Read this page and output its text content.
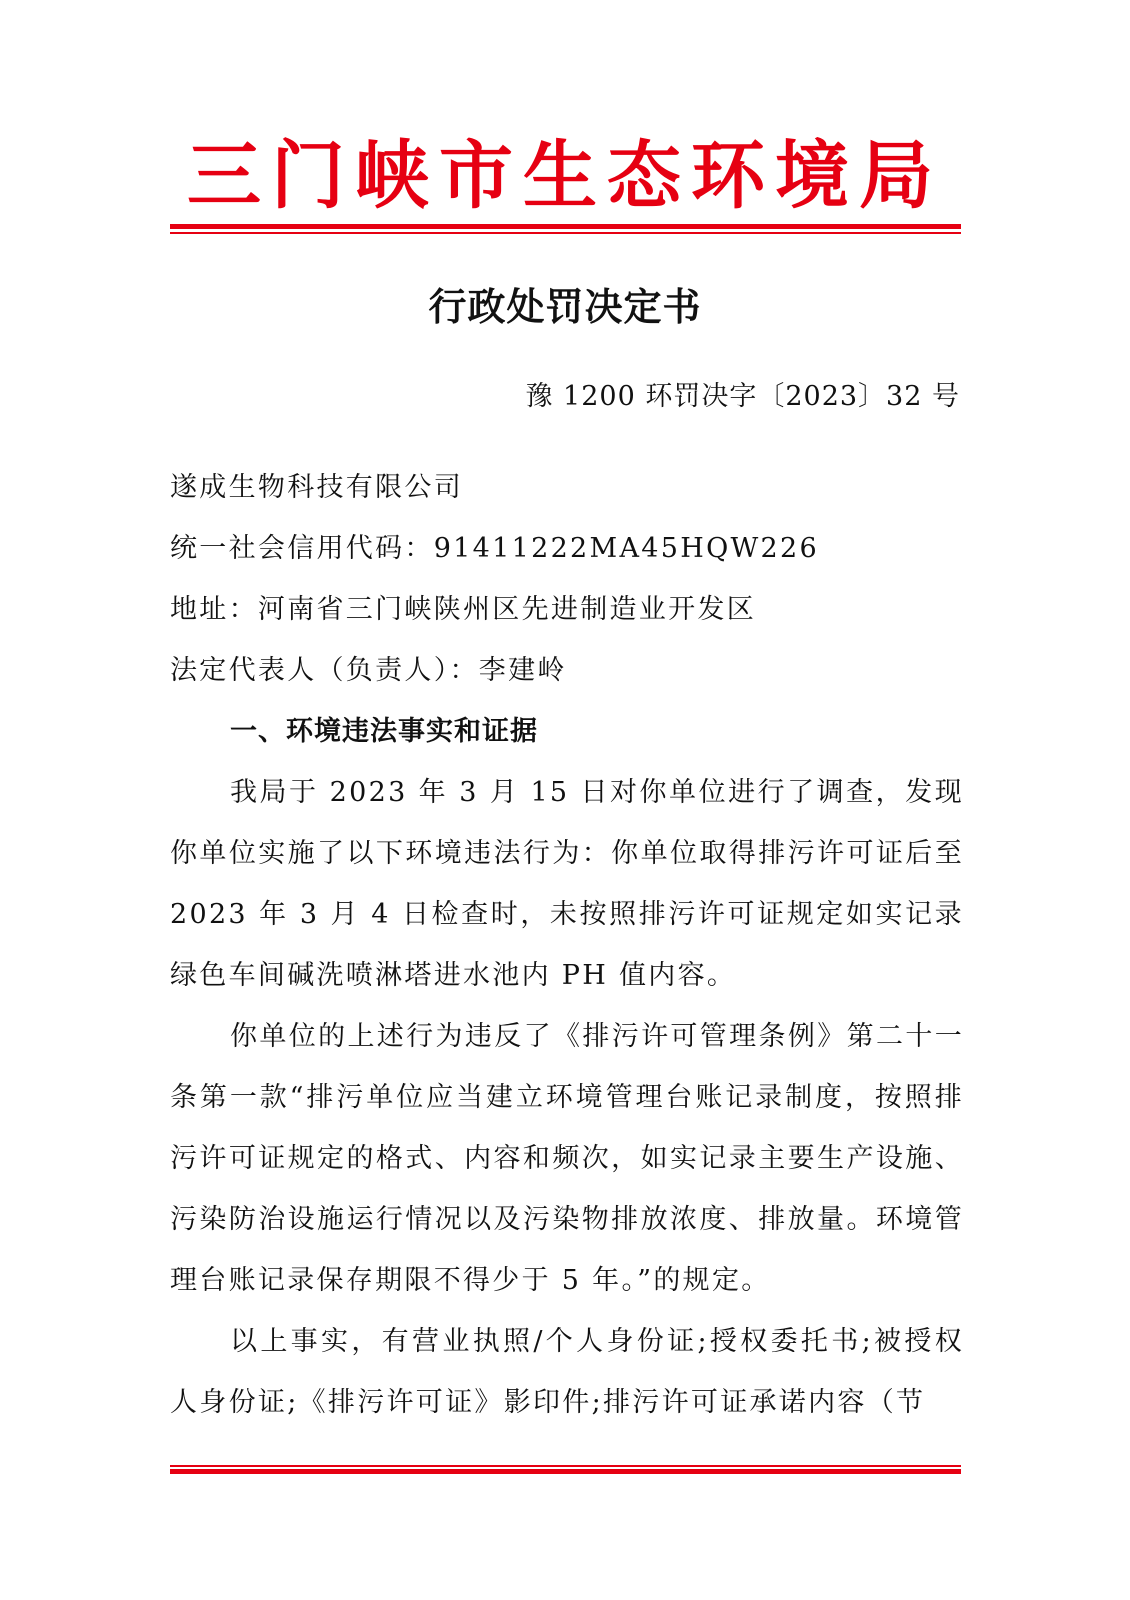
三门峡市生态环境局
行政处罚决定书
豫 1200 环罚决字〔2023〕32 号

遂成生物科技有限公司

统一社会信用代码：91411222MA45HQW226

地址：河南省三门峡陕州区先进制造业开发区

法定代表人（负责人）：李建岭

一、环境违法事实和证据

我局于 2023 年 3 月 15 日对你单位进行了调查，发现你单位实施了以下环境违法行为：你单位取得排污许可证后至 2023 年 3 月 4 日检查时，未按照排污许可证规定如实记录绿色车间碱洗喷淋塔进水池内 PH 值内容。

你单位的上述行为违反了《排污许可管理条例》第二十一条第一款“排污单位应当建立环境管理台账记录制度，按照排污许可证规定的格式、内容和频次，如实记录主要生产设施、污染防治设施运行情况以及污染物排放浓度、排放量。环境管理台账记录保存期限不得少于 5 年。”的规定。

以上事实，有营业执照/个人身份证;授权委托书;被授权人身份证;《排污许可证》影印件;排污许可证承诺内容（节
